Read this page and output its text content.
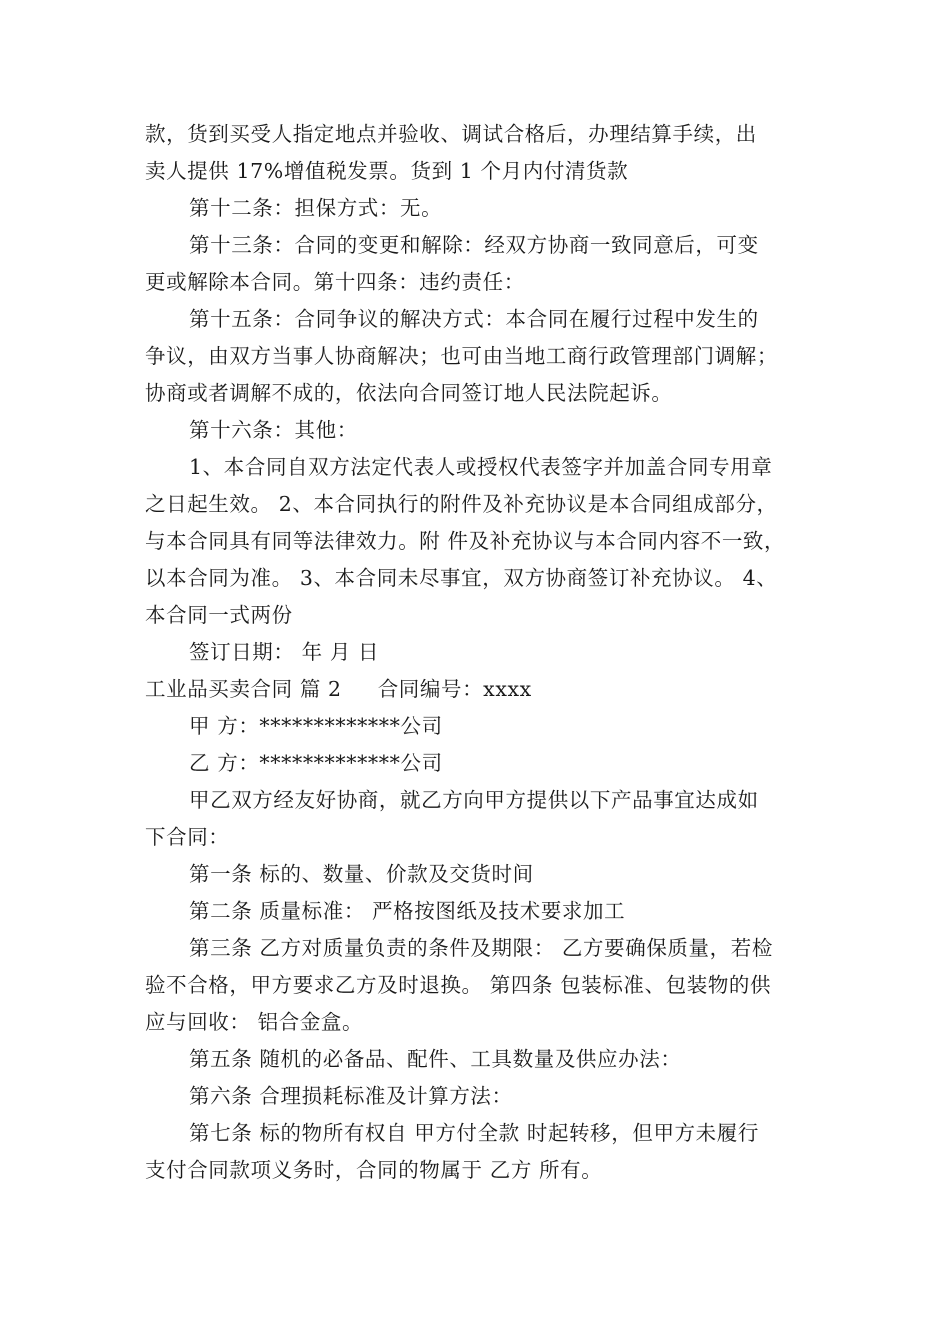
款，货到买受人指定地点并验收、调试合格后，办理结算手续，出
卖人提供 17%增值税发票。货到 1 个月内付清货款
第十二条：担保方式：无。
第十三条：合同的变更和解除：经双方协商一致同意后，可变
更或解除本合同。第十四条：违约责任：
第十五条：合同争议的解决方式：本合同在履行过程中发生的
争议，由双方当事人协商解决；也可由当地工商行政管理部门调解；
协商或者调解不成的，依法向合同签订地人民法院起诉。
第十六条：其他：
1、本合同自双方法定代表人或授权代表签字并加盖合同专用章
之日起生效。 2、本合同执行的附件及补充协议是本合同组成部分，
与本合同具有同等法律效力。附 件及补充协议与本合同内容不一致，
以本合同为准。 3、本合同未尽事宜，双方协商签订补充协议。 4、
本合同一式两份
签订日期： 年 月 日
工业品买卖合同 篇 2 合同编号：xxxx
甲 方：*************公司
乙 方：*************公司
甲乙双方经友好协商，就乙方向甲方提供以下产品事宜达成如
下合同：
第一条 标的、数量、价款及交货时间
第二条 质量标准： 严格按图纸及技术要求加工
第三条 乙方对质量负责的条件及期限： 乙方要确保质量，若检
验不合格，甲方要求乙方及时退换。 第四条 包装标准、包装物的供
应与回收： 铝合金盒。
第五条 随机的必备品、配件、工具数量及供应办法：
第六条 合理损耗标准及计算方法：
第七条 标的物所有权自 甲方付全款 时起转移，但甲方未履行
支付合同款项义务时，合同的物属于 乙方 所有。
